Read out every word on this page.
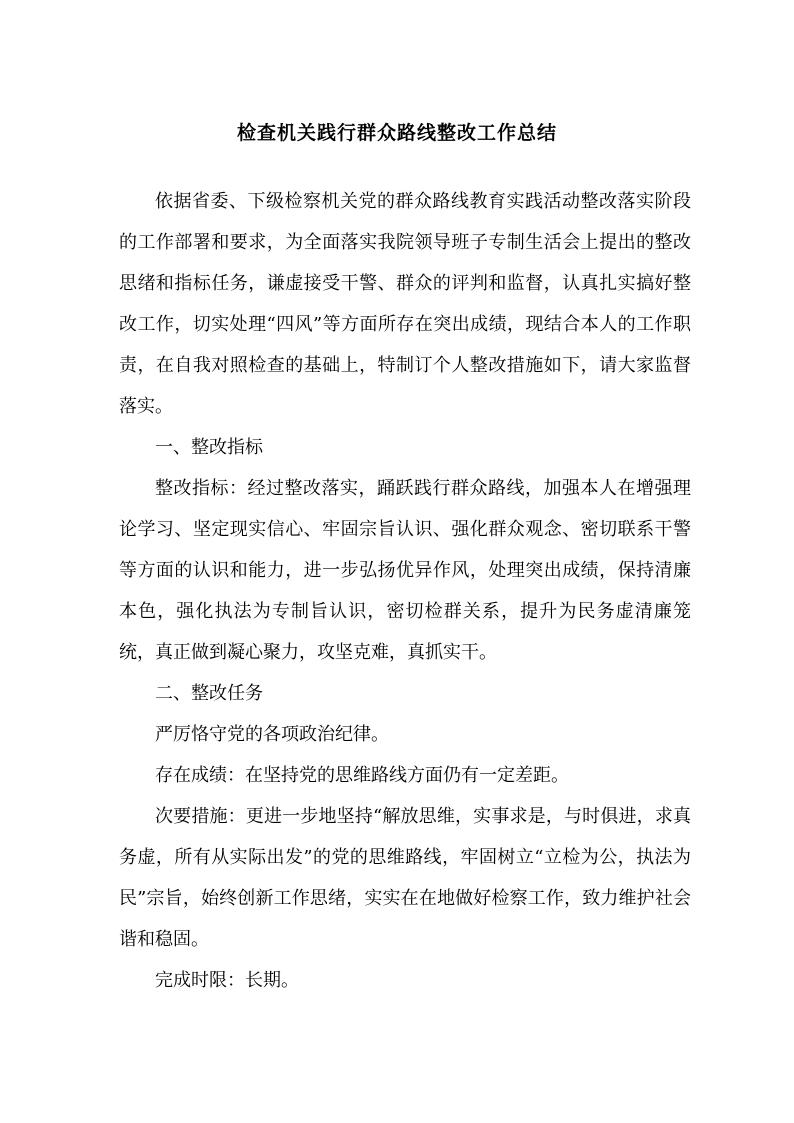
检查机关践行群众路线整改工作总结

依据省委、下级检察机关党的群众路线教育实践活动整改落实阶段的工作部署和要求，为全面落实我院领导班子专制生活会上提出的整改思绪和指标任务，谦虚接受干警、群众的评判和监督，认真扎实搞好整改工作，切实处理“四风”等方面所存在突出成绩，现结合本人的工作职责，在自我对照检查的基础上，特制订个人整改措施如下，请大家监督落实。

一、整改指标

整改指标：经过整改落实，踊跃践行群众路线，加强本人在增强理论学习、坚定现实信心、牢固宗旨认识、强化群众观念、密切联系干警等方面的认识和能力，进一步弘扬优异作风，处理突出成绩，保持清廉本色，强化执法为专制旨认识，密切检群关系，提升为民务虚清廉笼统，真正做到凝心聚力，攻坚克难，真抓实干。

二、整改任务

严厉恪守党的各项政治纪律。

存在成绩：在坚持党的思维路线方面仍有一定差距。

次要措施：更进一步地坚持“解放思维，实事求是，与时俱进，求真务虚，所有从实际出发”的党的思维路线，牢固树立“立检为公，执法为民”宗旨，始终创新工作思绪，实实在在地做好检察工作，致力维护社会谐和稳固。

完成时限：长期。
